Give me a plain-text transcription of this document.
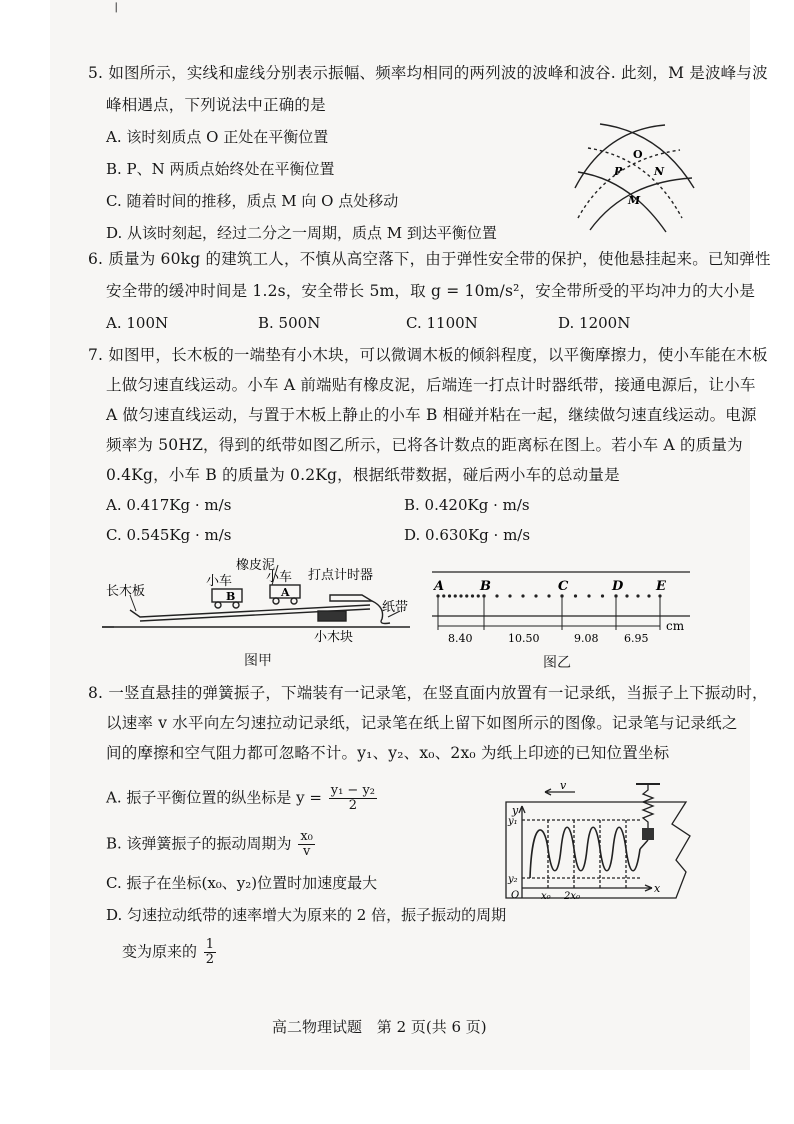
❘
5. 如图所示，实线和虚线分别表示振幅、频率均相同的两列波的波峰和波谷. 此刻，M 是波峰与波
峰相遇点，下列说法中正确的是
A. 该时刻质点 O 正处在平衡位置
B. P、N 两质点始终处在平衡位置
C. 随着时间的推移，质点 M 向 O 点处移动
D. 从该时刻起，经过二分之一周期，质点 M 到达平衡位置
O
P	N
M
6. 质量为 60kg 的建筑工人，不慎从高空落下，由于弹性安全带的保护，使他悬挂起来。已知弹性
安全带的缓冲时间是 1.2s，安全带长 5m，取 g = 10m/s²，安全带所受的平均冲力的大小是
A. 100N	B. 500N	C. 1100N	D. 1200N
7. 如图甲，长木板的一端垫有小木块，可以微调木板的倾斜程度，以平衡摩擦力，使小车能在木板
上做匀速直线运动。小车 A 前端贴有橡皮泥，后端连一打点计时器纸带，接通电源后，让小车
A 做匀速直线运动，与置于木板上静止的小车 B 相碰并粘在一起，继续做匀速直线运动。电源
频率为 50HZ，得到的纸带如图乙所示，已将各计数点的距离标在图上。若小车 A 的质量为
0.4Kg，小车 B 的质量为 0.2Kg，根据纸带数据，碰后两小车的总动量是
A. 0.417Kg · m/s	B. 0.420Kg · m/s
C. 0.545Kg · m/s	D. 0.630Kg · m/s
B	A
长木板
小车
橡皮泥
小车 打点计时器
纸带
小木块
图甲
A	B	C	D	E
8.40	10.50	9.08 6.95
cm
图乙
8. 一竖直悬挂的弹簧振子，下端装有一记录笔，在竖直面内放置有一记录纸，当振子上下振动时，
以速率 v 水平向左匀速拉动记录纸，记录笔在纸上留下如图所示的图像。记录笔与记录纸之
间的摩擦和空气阻力都可忽略不计。y₁、y₂、x₀、2x₀ 为纸上印迹的已知位置坐标
A. 振子平衡位置的纵坐标是 $y = \frac{\text{y₁ − y₂}}{2}$
B. 该弹簧振子的振动周期为 $\frac{\text{x₀}}{v}$
C. 振子在坐标(x₀、y₂)位置时加速度最大
D. 匀速拉动纸带的速率增大为原来的 2 倍，振子振动的周期
变为原来的 $\frac{1}{2}$
v
y
y₁
y₂
O x₀ 2x₀
x
高二物理试题 第 2 页(共 6 页)
